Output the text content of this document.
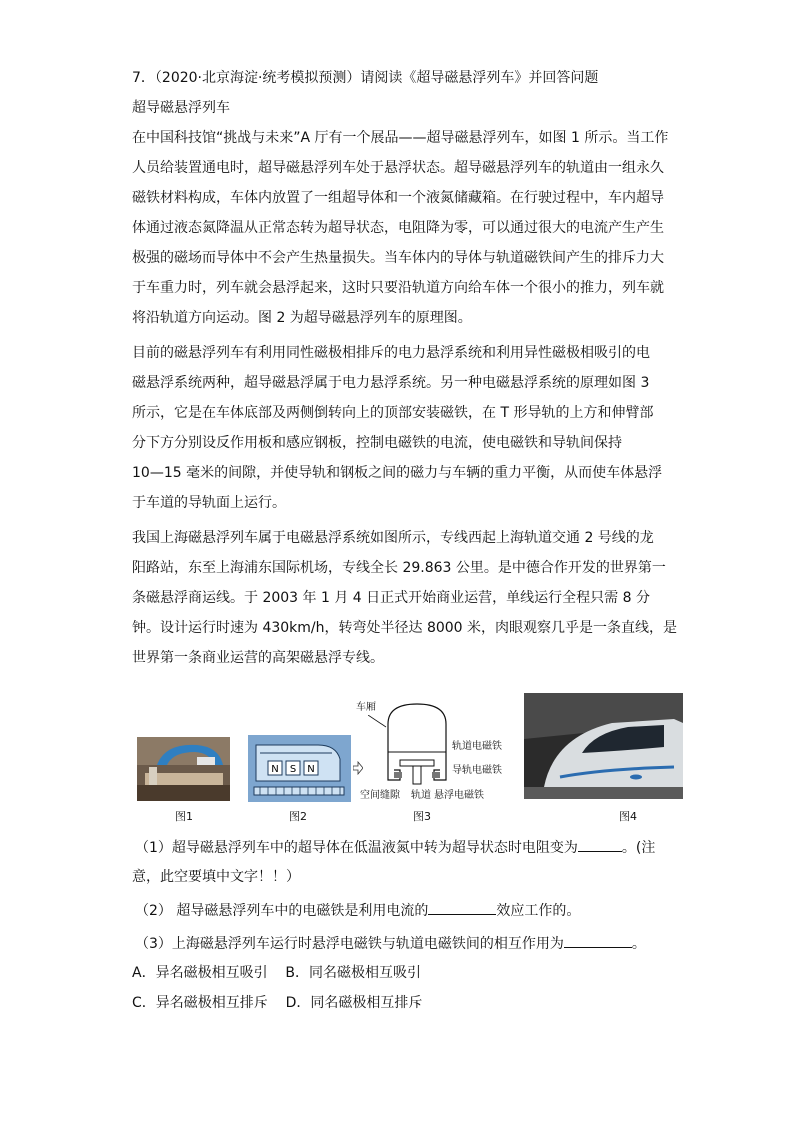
7．（2020·北京海淀·统考模拟预测）请阅读《超导磁悬浮列车》并回答问题
超导磁悬浮列车
在中国科技馆“挑战与未来”A 厅有一个展品——超导磁悬浮列车，如图 1 所示。当工作
人员给装置通电时，超导磁悬浮列车处于悬浮状态。超导磁悬浮列车的轨道由一组永久
磁铁材料构成，车体内放置了一组超导体和一个液氮储藏箱。在行驶过程中，车内超导
体通过液态氮降温从正常态转为超导状态，电阻降为零，可以通过很大的电流产生产生
极强的磁场而导体中不会产生热量损失。当车体内的导体与轨道磁铁间产生的排斥力大
于车重力时，列车就会悬浮起来，这时只要沿轨道方向给车体一个很小的推力，列车就
将沿轨道方向运动。图 2 为超导磁悬浮列车的原理图。
目前的磁悬浮列车有利用同性磁极相排斥的电力悬浮系统和利用异性磁极相吸引的电
磁悬浮系统两种，超导磁悬浮属于电力悬浮系统。另一种电磁悬浮系统的原理如图 3
所示，它是在车体底部及两侧倒转向上的顶部安装磁铁，在 T 形导轨的上方和伸臂部
分下方分别设反作用板和感应钢板，控制电磁铁的电流，使电磁铁和导轨间保持
10—15 毫米的间隙，并使导轨和钢板之间的磁力与车辆的重力平衡，从而使车体悬浮
于车道的导轨面上运行。
我国上海磁悬浮列车属于电磁悬浮系统如图所示，专线西起上海轨道交通 2 号线的龙
阳路站，东至上海浦东国际机场，专线全长 29.863 公里。是中德合作开发的世界第一
条磁悬浮商运线。于 2003 年 1 月 4 日正式开始商业运营，单线运行全程只需 8 分
钟。设计运行时速为 430km/h，转弯处半径达 8000 米，肉眼观察几乎是一条直线，是
世界第一条商业运营的高架磁悬浮专线。
图1
N S N
图2
车厢
轨道电磁铁
导轨电磁铁
空间缝隙 轨道 悬浮电磁铁
图3	图4
（1）超导磁悬浮列车中的超导体在低温液氮中转为超导状态时电阻变为	。(注
意，此空要填中文字！！）
（2） 超导磁悬浮列车中的电磁铁是利用电流的	效应工作的。
（3）上海磁悬浮列车运行时悬浮电磁铁与轨道电磁铁间的相互作用为	。
A．异名磁极相互吸引    B．同名磁极相互吸引
C．异名磁极相互排斥    D．同名磁极相互排斥
